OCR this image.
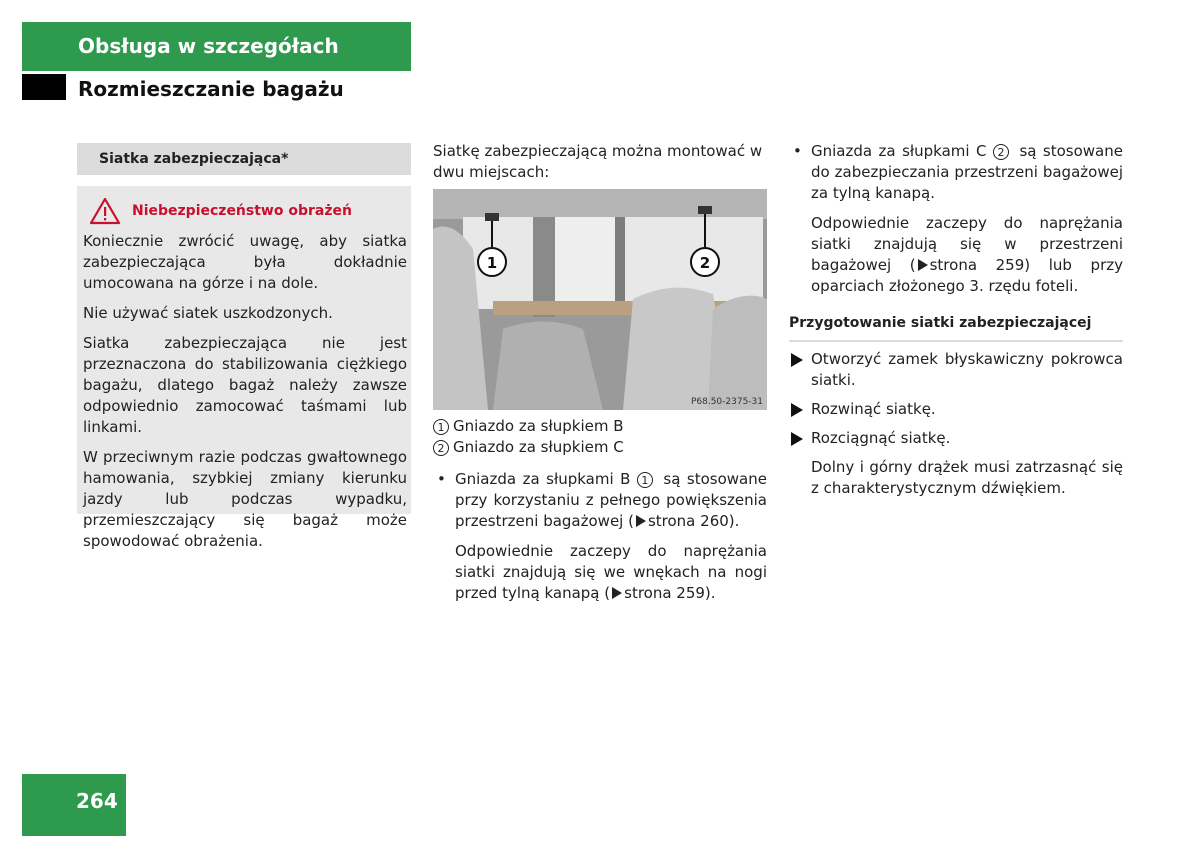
Obsługa w szczegółach
Rozmieszczanie bagażu
Siatka zabezpieczająca*
Niebezpieczeństwo obrażeń

Koniecznie zwrócić uwagę, aby siatka zabezpieczająca była dokładnie umocowana na górze i na dole.

Nie używać siatek uszkodzonych.

Siatka zabezpieczająca nie jest przeznaczona do stabilizowania ciężkiego bagażu, dlatego bagaż należy zawsze odpowiednio zamocować taśmami lub linkami.

W przeciwnym razie podczas gwałtownego hamowania, szybkiej zmiany kierunku jazdy lub podczas wypadku, przemieszczający się bagaż może spowodować obrażenia.

Siatkę zabezpieczającą można montować w dwu miejscach:

1	2
P68.50-2375-31
1 Gniazdo za słupkiem B
2 Gniazdo za słupkiem C

• Gniazda za słupkami B 1 są stosowane przy korzystaniu z pełnego powiększenia przestrzeni bagażowej ( strona 260).

Odpowiednie zaczepy do naprężania siatki znajdują się we wnękach na nogi przed tylną kanapą ( strona 259).

• Gniazda za słupkami C 2 są stosowane do zabezpieczania przestrzeni bagażowej za tylną kanapą.

Odpowiednie zaczepy do naprężania siatki znajdują się w przestrzeni bagażowej ( strona 259) lub przy oparciach złożonego 3. rzędu foteli.

Przygotowanie siatki zabezpieczającej

Otworzyć zamek błyskawiczny pokrowca siatki.

Rozwinąć siatkę.

Rozciągnąć siatkę.

Dolny i górny drążek musi zatrzasnąć się z charakterystycznym dźwiękiem.

264
